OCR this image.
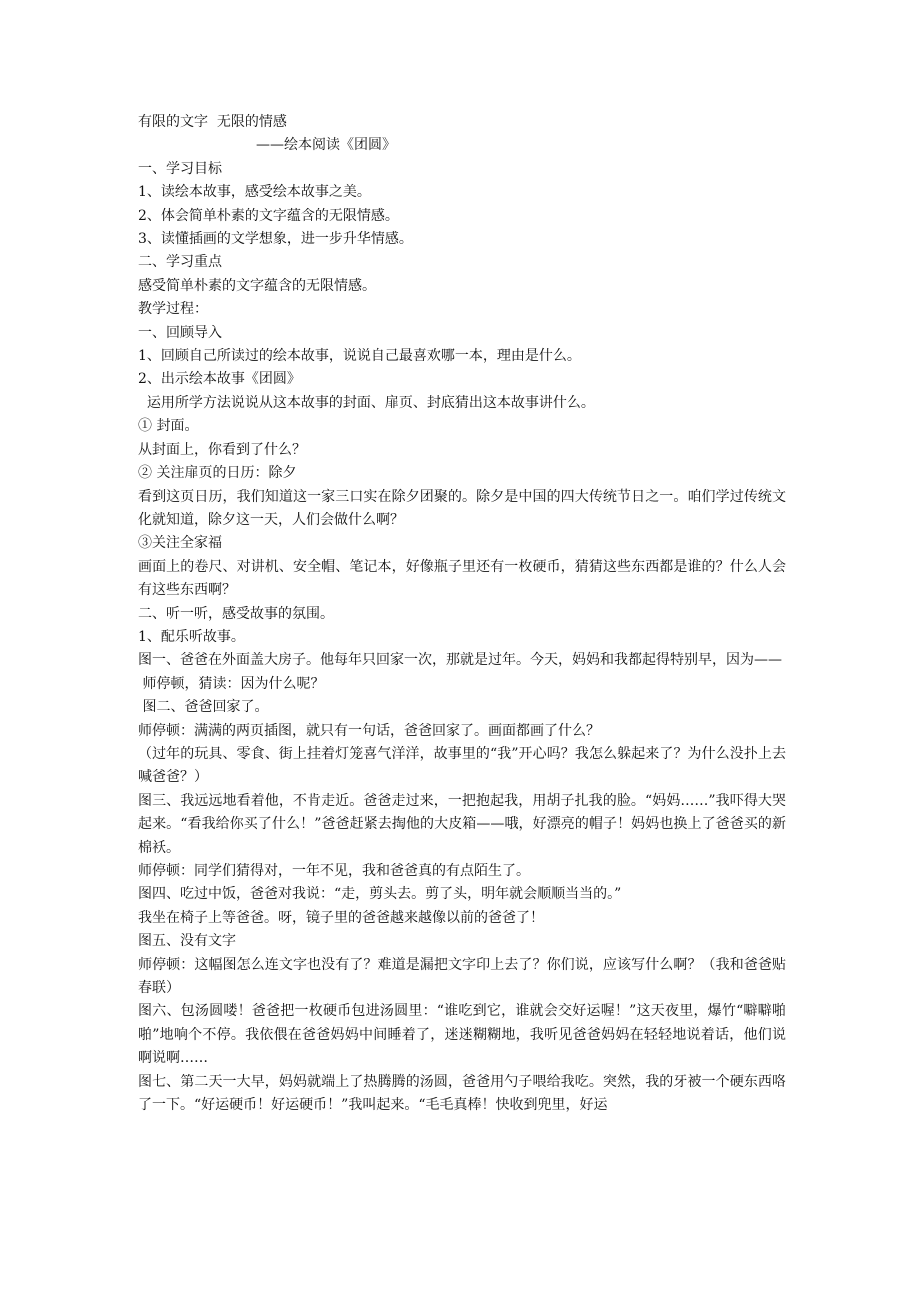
有限的文字  无限的情感
——绘本阅读《团圆》
一、学习目标
1、读绘本故事，感受绘本故事之美。
2、体会简单朴素的文字蕴含的无限情感。
3、读懂插画的文学想象，进一步升华情感。
二、学习重点
感受简单朴素的文字蕴含的无限情感。
教学过程：
一、回顾导入
1、回顾自己所读过的绘本故事，说说自己最喜欢哪一本，理由是什么。
2、出示绘本故事《团圆》
运用所学方法说说从这本故事的封面、扉页、封底猜出这本故事讲什么。
① 封面。
从封面上，你看到了什么？
② 关注扉页的日历：除夕
看到这页日历，我们知道这一家三口实在除夕团聚的。除夕是中国的四大传统节日之一。咱们学过传统文化就知道，除夕这一天，人们会做什么啊？
③关注全家福
画面上的卷尺、对讲机、安全帽、笔记本，好像瓶子里还有一枚硬币，猜猜这些东西都是谁的？什么人会有这些东西啊？
二、听一听，感受故事的氛围。
1、配乐听故事。
图一、爸爸在外面盖大房子。他每年只回家一次，那就是过年。今天，妈妈和我都起得特别早，因为——
师停顿，猜读：因为什么呢？
图二、爸爸回家了。
师停顿：满满的两页插图，就只有一句话，爸爸回家了。画面都画了什么？
（过年的玩具、零食、街上挂着灯笼喜气洋洋，故事里的“我”开心吗？我怎么躲起来了？为什么没扑上去喊爸爸？）
图三、我远远地看着他，不肯走近。爸爸走过来，一把抱起我，用胡子扎我的脸。“妈妈……”我吓得大哭起来。“看我给你买了什么！”爸爸赶紧去掏他的大皮箱——哦，好漂亮的帽子！妈妈也换上了爸爸买的新棉袄。
师停顿：同学们猜得对，一年不见，我和爸爸真的有点陌生了。
图四、吃过中饭，爸爸对我说：“走，剪头去。剪了头，明年就会顺顺当当的。”
我坐在椅子上等爸爸。呀，镜子里的爸爸越来越像以前的爸爸了！
图五、没有文字
师停顿：这幅图怎么连文字也没有了？难道是漏把文字印上去了？你们说，应该写什么啊？（我和爸爸贴春联）
图六、包汤圆喽！爸爸把一枚硬币包进汤圆里：“谁吃到它，谁就会交好运喔！”这天夜里，爆竹“噼噼啪啪”地响个不停。我依偎在爸爸妈妈中间睡着了，迷迷糊糊地，我听见爸爸妈妈在轻轻地说着话，他们说啊说啊……
图七、第二天一大早，妈妈就端上了热腾腾的汤圆，爸爸用勺子喂给我吃。突然，我的牙被一个硬东西咯了一下。“好运硬币！好运硬币！”我叫起来。“毛毛真棒！快收到兜里，好运
